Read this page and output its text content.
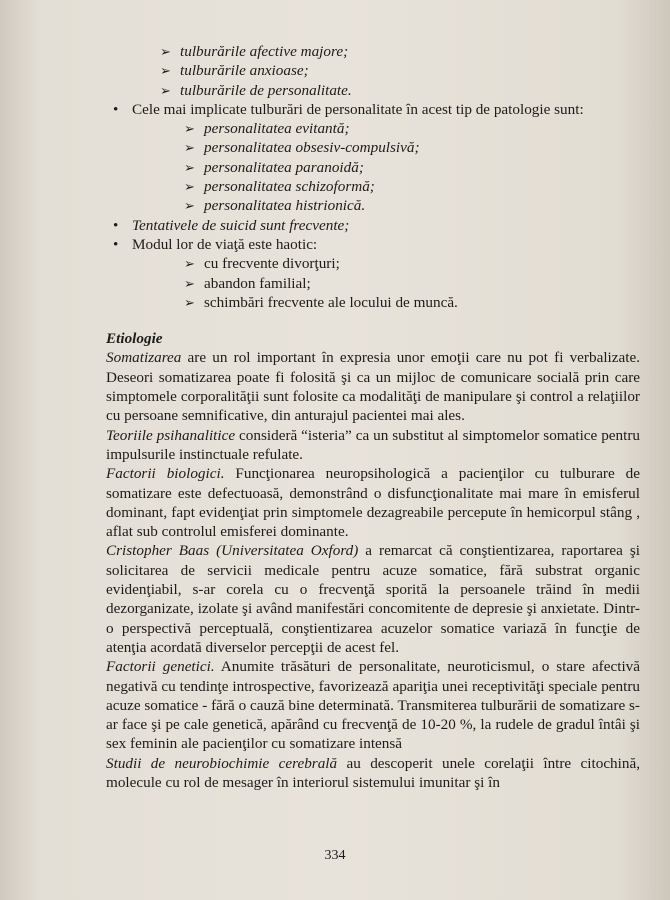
➢ tulburările afective majore;
➢ tulburările anxioase;
➢ tulburările de personalitate.
• Cele mai implicate tulburări de personalitate în acest tip de patologie sunt:
➢ personalitatea evitantă;
➢ personalitatea obsesiv-compulsivă;
➢ personalitatea paranoidă;
➢ personalitatea schizoformă;
➢ personalitatea histrionică.
• Tentativele de suicid sunt frecvente;
• Modul lor de viaţă este haotic:
➢ cu frecvente divorţuri;
➢ abandon familial;
➢ schimbări frecvente ale locului de muncă.
Etiologie

Somatizarea are un rol important în expresia unor emoţii care nu pot fi verbalizate. Deseori somatizarea poate fi folosită şi ca un mijloc de comunicare socială prin care simptomele corporalităţii sunt folosite ca modalităţi de manipulare şi control a relaţiilor cu persoane semnificative, din anturajul pacientei mai ales.

Teoriile psihanalitice consideră “isteria” ca un substitut al simptomelor somatice pentru impulsurile instinctuale refulate.

Factorii biologici. Funcţionarea neuropsihologică a pacienţilor cu tulburare de somatizare este defectuoasă, demonstrând o disfuncţionalitate mai mare în emisferul dominant, fapt evidenţiat prin simptomele dezagreabile percepute în hemicorpul stâng , aflat sub controlul emisferei dominante.

Cristopher Baas (Universitatea Oxford) a remarcat că conştientizarea, raportarea şi solicitarea de servicii medicale pentru acuze somatice, fără substrat organic evidenţiabil, s-ar corela cu o frecvenţă sporită la persoanele trăind în medii dezorganizate, izolate şi având manifestări concomitente de depresie şi anxietate. Dintr-o perspectivă perceptuală, conştientizarea acuzelor somatice variază în funcţie de atenţia acordată diverselor percepţii de acest fel.

Factorii genetici. Anumite trăsături de personalitate, neuroticismul, o stare afectivă negativă cu tendinţe introspective, favorizează apariţia unei receptivităţi speciale pentru acuze somatice - fără o cauză bine determinată. Transmiterea tulburării de somatizare s-ar face şi pe cale genetică, apărând cu frecvenţă de 10-20 %, la rudele de gradul întâi şi sex feminin ale pacienţilor cu somatizare intensă

Studii de neurobiochimie cerebrală au descoperit unele corelaţii între citochină, molecule cu rol de mesager în interiorul sistemului imunitar şi în

334
